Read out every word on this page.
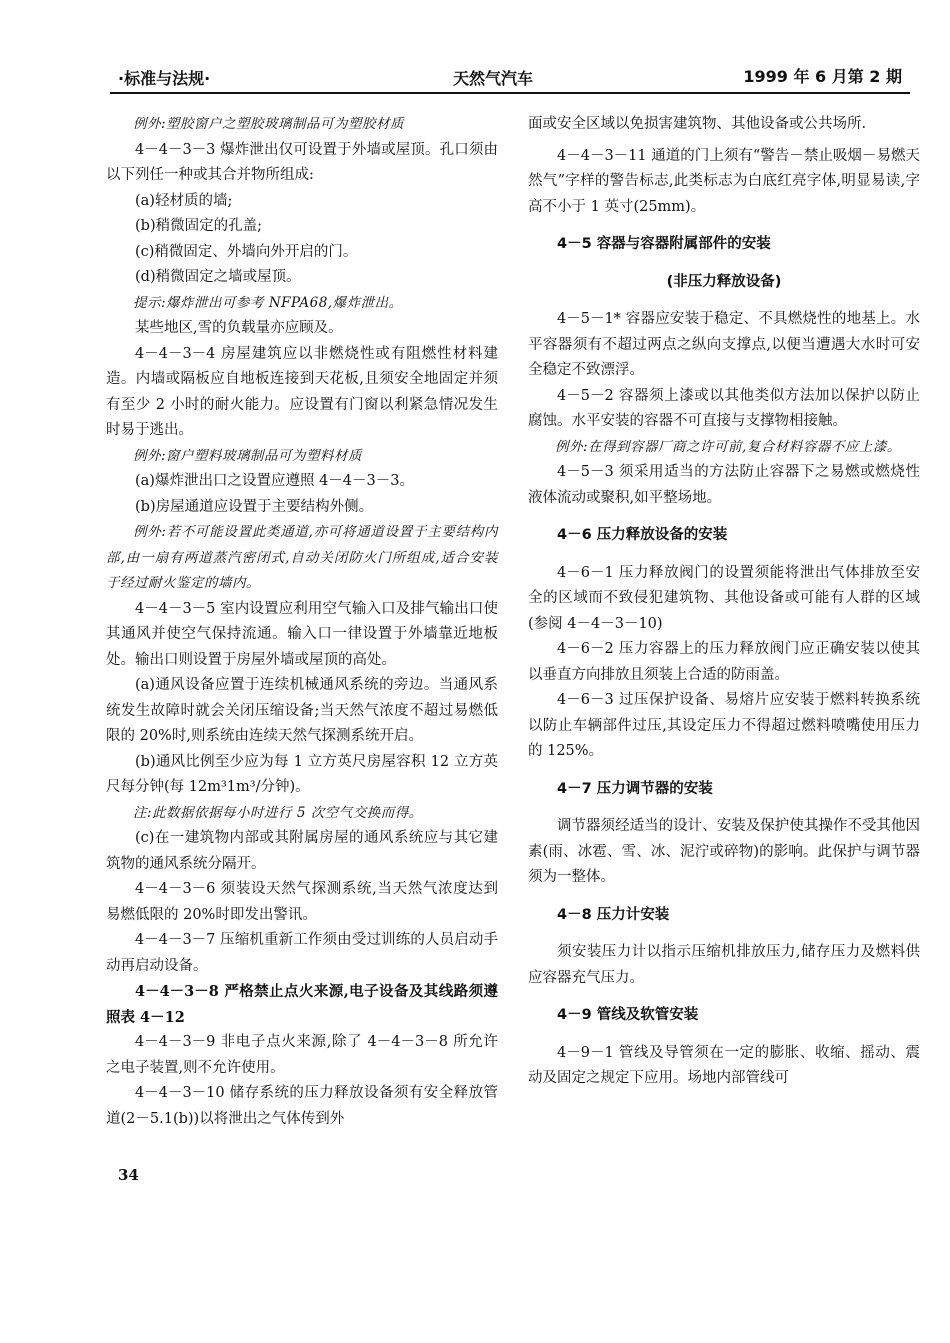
·标准与法规·	天然气汽车	1999 年 6 月第 2 期

例外:塑胶窗户之塑胶玻璃制品可为塑胶材质

4－4－3－3 爆炸泄出仅可设置于外墙或屋顶。孔口须由以下列任一种或其合并物所组成:

(a)轻材质的墙;

(b)稍微固定的孔盖;

(c)稍微固定、外墙向外开启的门。

(d)稍微固定之墙或屋顶。

提示:爆炸泄出可参考 NFPA68,爆炸泄出。

某些地区,雪的负载量亦应顾及。

4－4－3－4 房屋建筑应以非燃烧性或有阻燃性材料建造。内墙或隔板应自地板连接到天花板,且须安全地固定并须有至少 2 小时的耐火能力。应设置有门窗以利紧急情况发生时易于逃出。

例外:窗户塑料玻璃制品可为塑料材质

(a)爆炸泄出口之设置应遵照 4－4－3－3。

(b)房屋通道应设置于主要结构外侧。

例外:若不可能设置此类通道,亦可将通道设置于主要结构内部,由一扇有两道蒸汽密闭式,自动关闭防火门所组成,适合安装于经过耐火鉴定的墙内。

4－4－3－5 室内设置应利用空气输入口及排气输出口使其通风并使空气保持流通。输入口一律设置于外墙靠近地板处。输出口则设置于房屋外墙或屋顶的高处。

(a)通风设备应置于连续机械通风系统的旁边。当通风系统发生故障时就会关闭压缩设备;当天然气浓度不超过易燃低限的 20%时,则系统由连续天然气探测系统开启。

(b)通风比例至少应为每 1 立方英尺房屋容积 12 立方英尺每分钟(每 12m³1m³/分钟)。

注:此数据依据每小时进行 5 次空气交换而得。

(c)在一建筑物内部或其附属房屋的通风系统应与其它建筑物的通风系统分隔开。

4－4－3－6 须装设天然气探测系统,当天然气浓度达到易燃低限的 20%时即发出警讯。

4－4－3－7 压缩机重新工作须由受过训练的人员启动手动再启动设备。

4－4－3－8 严格禁止点火来源,电子设备及其线路须遵照表 4－12

4－4－3－9 非电子点火来源,除了 4－4－3－8 所允许之电子装置,则不允许使用。

4－4－3－10 储存系统的压力释放设备须有安全释放管道(2－5.1(b))以将泄出之气体传到外

面或安全区域以免损害建筑物、其他设备或公共场所.

4－4－3－11 通道的门上须有“警告－禁止吸烟－易燃天然气”字样的警告标志,此类标志为白底红亮字体,明显易读,字高不小于 1 英寸(25mm)。

4－5 容器与容器附属部件的安装

(非压力释放设备)

4－5－1* 容器应安装于稳定、不具燃烧性的地基上。水平容器须有不超过两点之纵向支撑点,以便当遭遇大水时可安全稳定不致漂浮。

4－5－2 容器须上漆或以其他类似方法加以保护以防止腐蚀。水平安装的容器不可直接与支撑物相接触。

例外:在得到容器厂商之许可前,复合材料容器不应上漆。

4－5－3 须采用适当的方法防止容器下之易燃或燃烧性液体流动或聚积,如平整场地。

4－6 压力释放设备的安装

4－6－1 压力释放阀门的设置须能将泄出气体排放至安全的区域而不致侵犯建筑物、其他设备或可能有人群的区域(参阅 4－4－3－10)

4－6－2 压力容器上的压力释放阀门应正确安装以使其以垂直方向排放且须装上合适的防雨盖。

4－6－3 过压保护设备、易熔片应安装于燃料转换系统以防止车辆部件过压,其设定压力不得超过燃料喷嘴使用压力的 125%。

4－7 压力调节器的安装

调节器须经适当的设计、安装及保护使其操作不受其他因素(雨、冰雹、雪、冰、泥泞或碎物)的影响。此保护与调节器须为一整体。

4－8 压力计安装

须安装压力计以指示压缩机排放压力,储存压力及燃料供应容器充气压力。

4－9 管线及软管安装

4－9－1 管线及导管须在一定的膨胀、收缩、摇动、震动及固定之规定下应用。场地内部管线可

34
